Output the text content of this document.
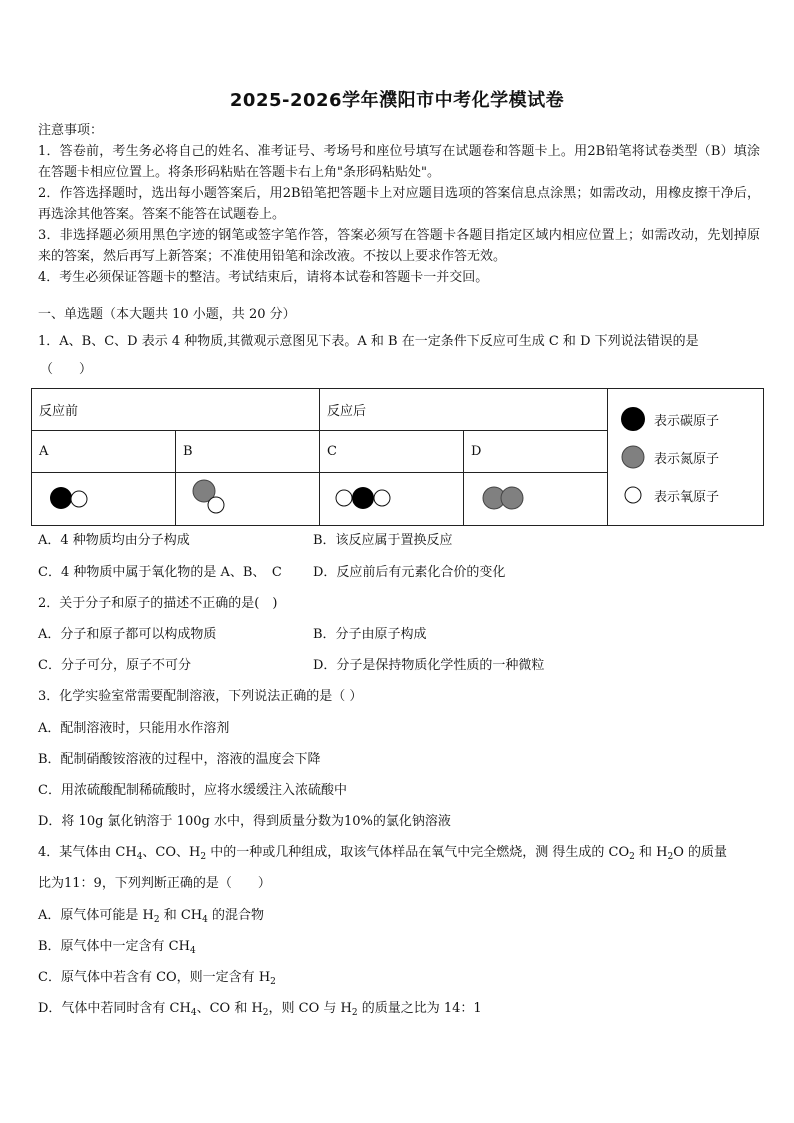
2025-2026学年濮阳市中考化学模试卷

注意事项：

1．答卷前，考生务必将自己的姓名、准考证号、考场号和座位号填写在试题卷和答题卡上。用2B铅笔将试卷类型（B）填涂在答题卡相应位置上。将条形码粘贴在答题卡右上角"条形码粘贴处"。

2．作答选择题时，选出每小题答案后，用2B铅笔把答题卡上对应题目选项的答案信息点涂黑；如需改动，用橡皮擦干净后，再选涂其他答案。答案不能答在试题卷上。

3．非选择题必须用黑色字迹的钢笔或签字笔作答，答案必须写在答题卡各题目指定区域内相应位置上；如需改动，先划掉原来的答案，然后再写上新答案；不准使用铅笔和涂改液。不按以上要求作答无效。

4．考生必须保证答题卡的整洁。考试结束后，请将本试卷和答题卡一并交回。

一、单选题（本大题共 10 小题，共 20 分）
1．A、B、C、D 表示 4 种物质,其微观示意图见下表。A 和 B 在一定条件下反应可生成 C 和 D 下列说法错误的是
（　　）
反应前		反应后		表示碳原子
表示氮原子
表示氧原子

A	B	C	D	

A．4 种物质均由分子构成	B．该反应属于置换反应
C．4 种物质中属于氧化物的是 A、B、　C D．反应前后有元素化合价的变化
2．关于分子和原子的描述不正确的是(　)
A．分子和原子都可以构成物质	B．分子由原子构成
C．分子可分，原子不可分	D．分子是保持物质化学性质的一种微粒
3．化学实验室常需要配制溶液，下列说法正确的是（ ）
A．配制溶液时，只能用水作溶剂
B．配制硝酸铵溶液的过程中，溶液的温度会下降
C．用浓硫酸配制稀硫酸时，应将水缓缓注入浓硫酸中
D．将 10g 氯化钠溶于 100g 水中，得到质量分数为10%的氯化钠溶液
4．某气体由 $CH_4$、CO、$H_2$ 中的一种或几种组成，取该气体样品在氧气中完全燃烧，测 得生成的 $CO_2$ 和 $H_2O$ 的质量
比为11：9，下列判断正确的是（　　）
A．原气体可能是 $H_2$ 和 $CH_4$ 的混合物
B．原气体中一定含有 $CH_4$
C．原气体中若含有 CO，则一定含有 $H_2$
D．气体中若同时含有 $CH_4$、CO 和 $H_2$，则 CO 与 $H_2$ 的质量之比为 14：1
